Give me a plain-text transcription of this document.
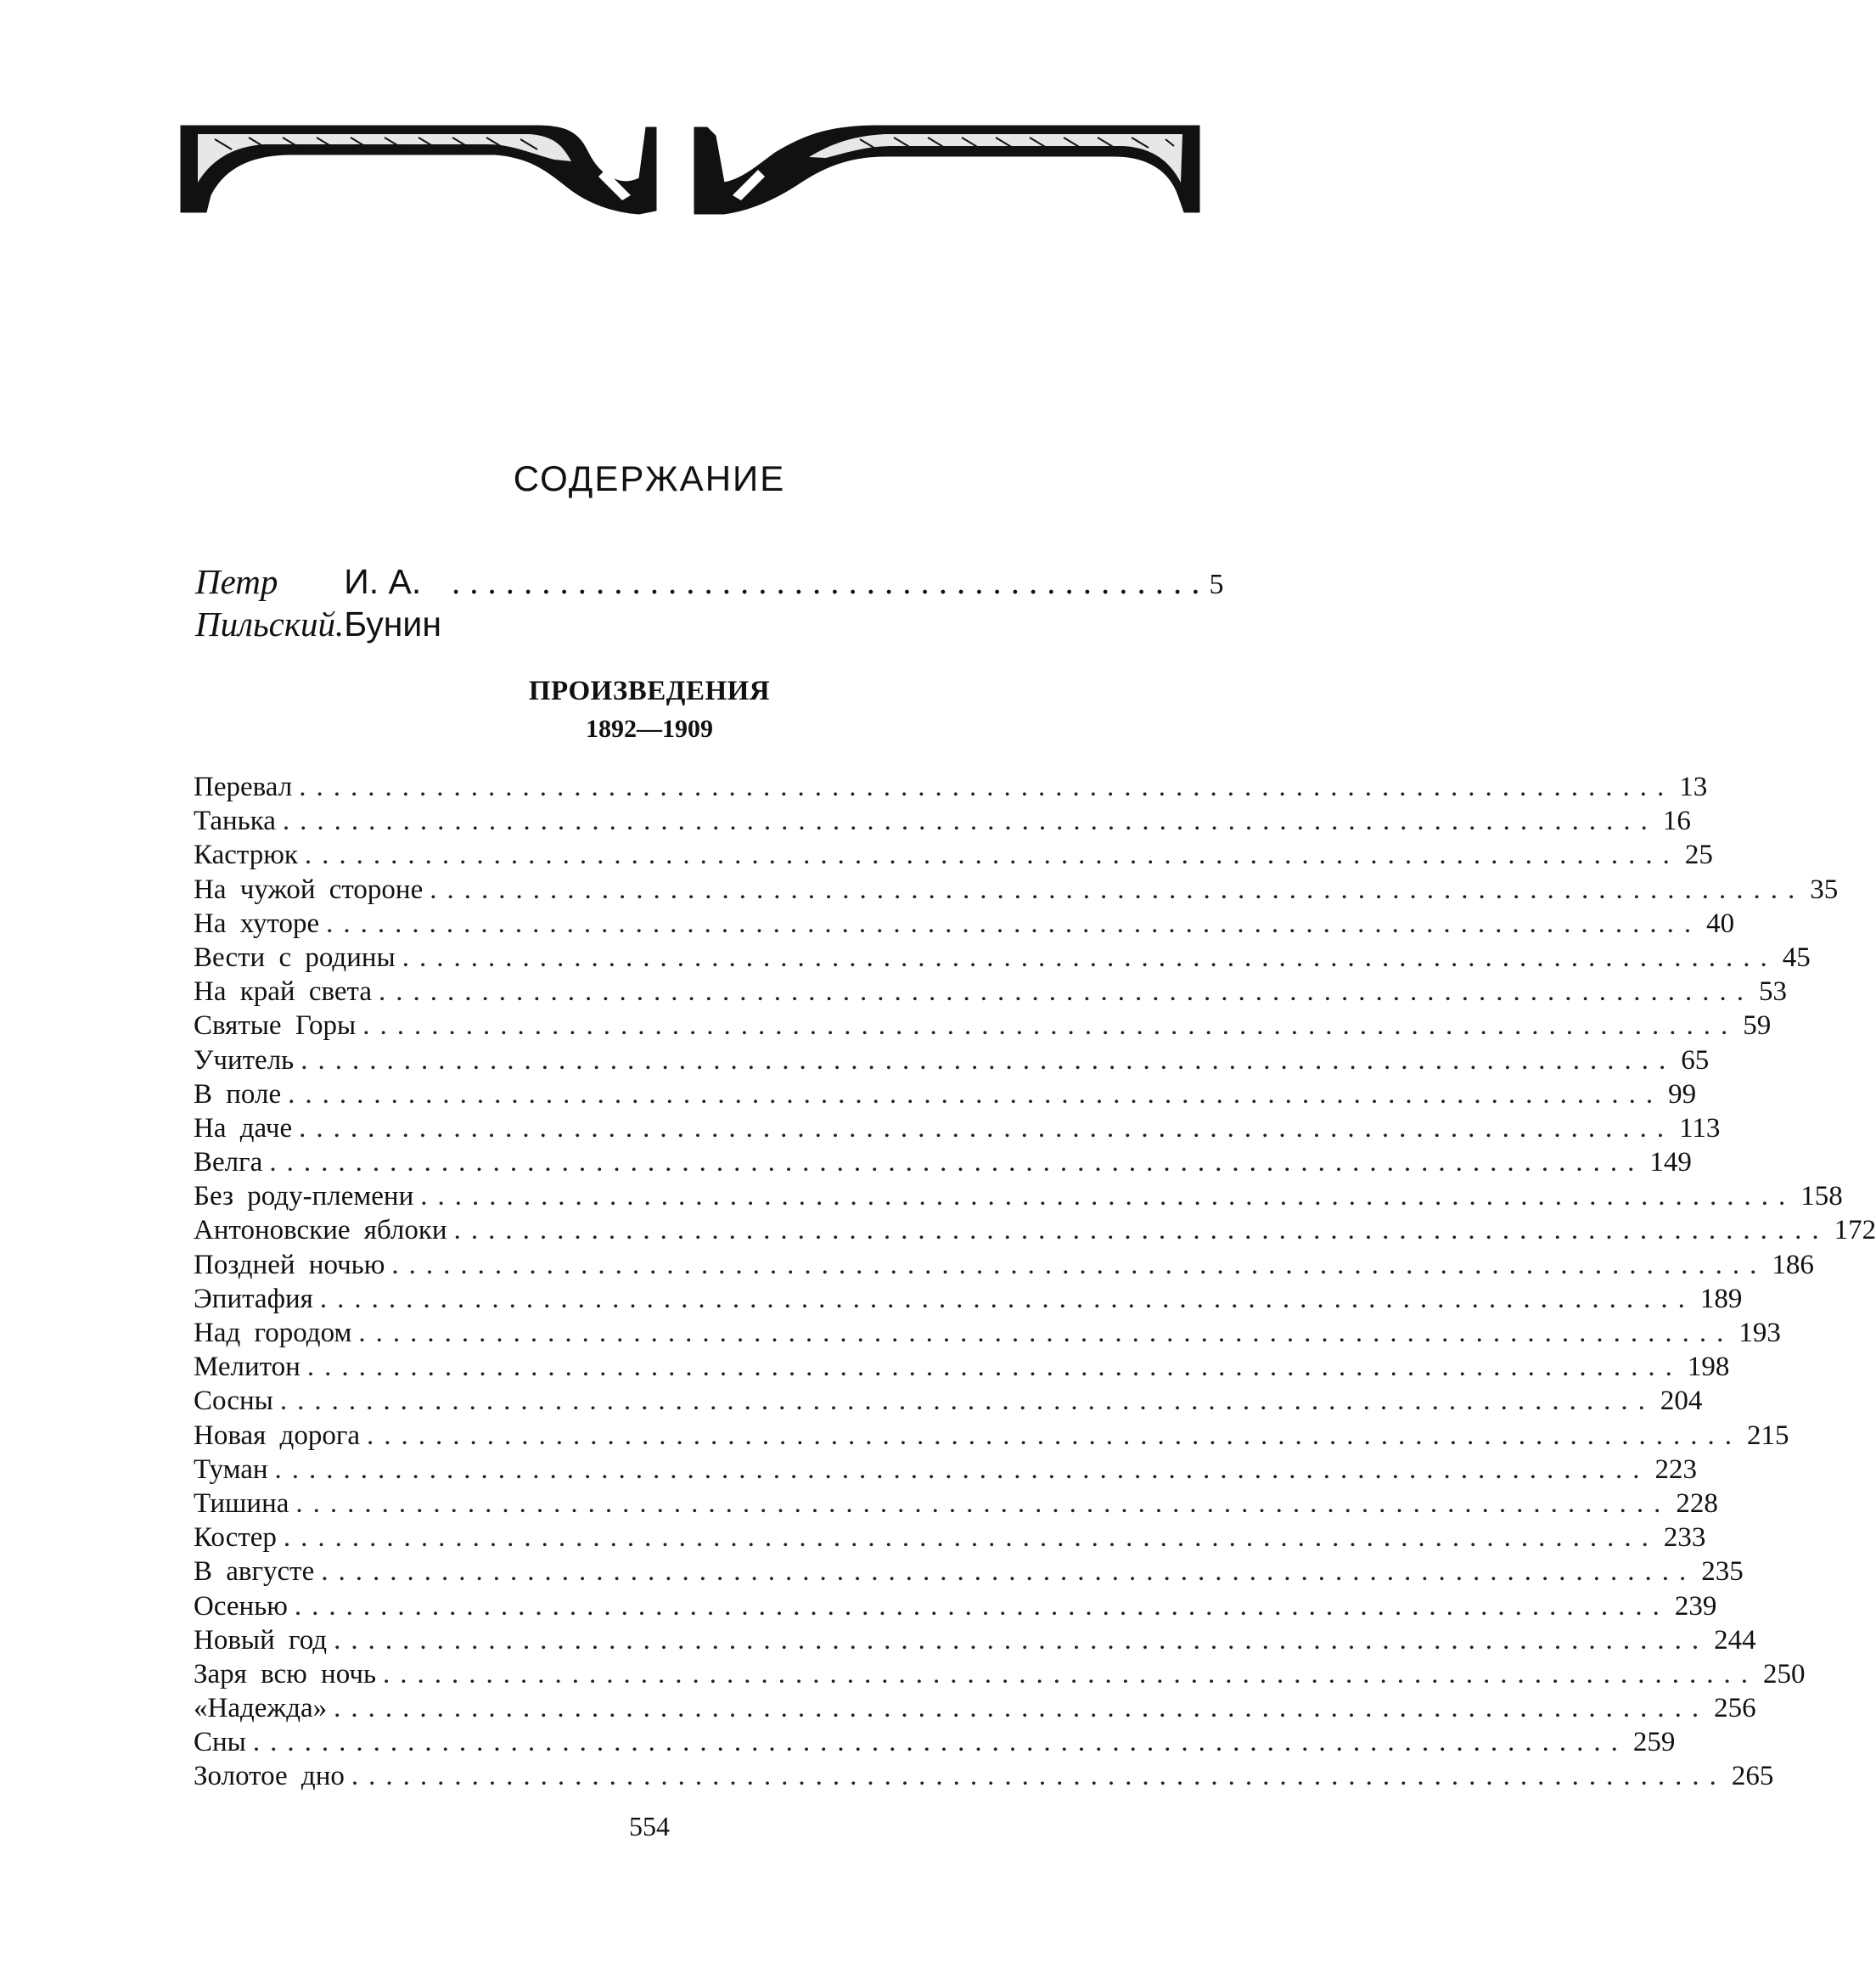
СОДЕРЖАНИЕ
Петр Пильский.
И. А. Бунин
.......................................... 5
ПРОИЗВЕДЕНИЯ
1892—1909
Перевал ................................................................................ 13
Танька ................................................................................ 16
Кастрюк ................................................................................ 25
На чужой стороне ................................................................................ 35
На хуторе ................................................................................ 40
Вести с родины ................................................................................ 45
На край света ................................................................................ 53
Святые Горы ................................................................................ 59
Учитель ................................................................................ 65
В поле ................................................................................ 99
На даче ................................................................................ 113
Велга ................................................................................ 149
Без роду-племени ................................................................................ 158
Антоновские яблоки ................................................................................ 172
Поздней ночью ................................................................................ 186
Эпитафия ................................................................................ 189
Над городом ................................................................................ 193
Мелитон ................................................................................ 198
Сосны ................................................................................ 204
Новая дорога ................................................................................ 215
Туман ................................................................................ 223
Тишина ................................................................................ 228
Костер ................................................................................ 233
В августе ................................................................................ 235
Осенью ................................................................................ 239
Новый год ................................................................................ 244
Заря всю ночь ................................................................................ 250
«Надежда» ................................................................................ 256
Сны ................................................................................ 259
Золотое дно ................................................................................ 265
554
